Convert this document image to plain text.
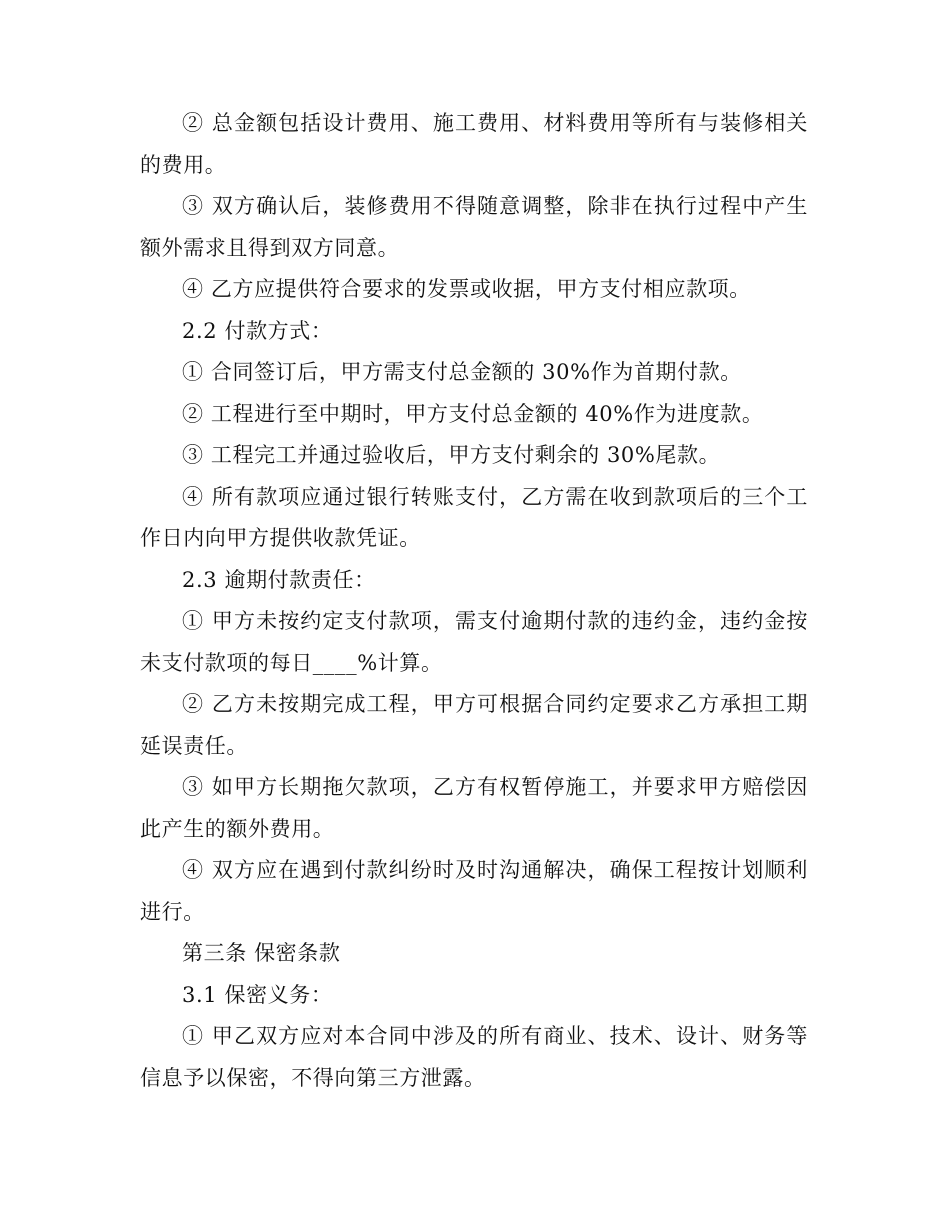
② 总金额包括设计费用、施工费用、材料费用等所有与装修相关的费用。

③ 双方确认后，装修费用不得随意调整，除非在执行过程中产生额外需求且得到双方同意。

④ 乙方应提供符合要求的发票或收据，甲方支付相应款项。

2.2 付款方式：

① 合同签订后，甲方需支付总金额的 30%作为首期付款。

② 工程进行至中期时，甲方支付总金额的 40%作为进度款。

③ 工程完工并通过验收后，甲方支付剩余的 30%尾款。

④ 所有款项应通过银行转账支付，乙方需在收到款项后的三个工作日内向甲方提供收款凭证。

2.3 逾期付款责任：

① 甲方未按约定支付款项，需支付逾期付款的违约金，违约金按未支付款项的每日____%计算。

② 乙方未按期完成工程，甲方可根据合同约定要求乙方承担工期延误责任。

③ 如甲方长期拖欠款项，乙方有权暂停施工，并要求甲方赔偿因此产生的额外费用。

④ 双方应在遇到付款纠纷时及时沟通解决，确保工程按计划顺利进行。

第三条 保密条款

3.1 保密义务：

① 甲乙双方应对本合同中涉及的所有商业、技术、设计、财务等信息予以保密，不得向第三方泄露。
